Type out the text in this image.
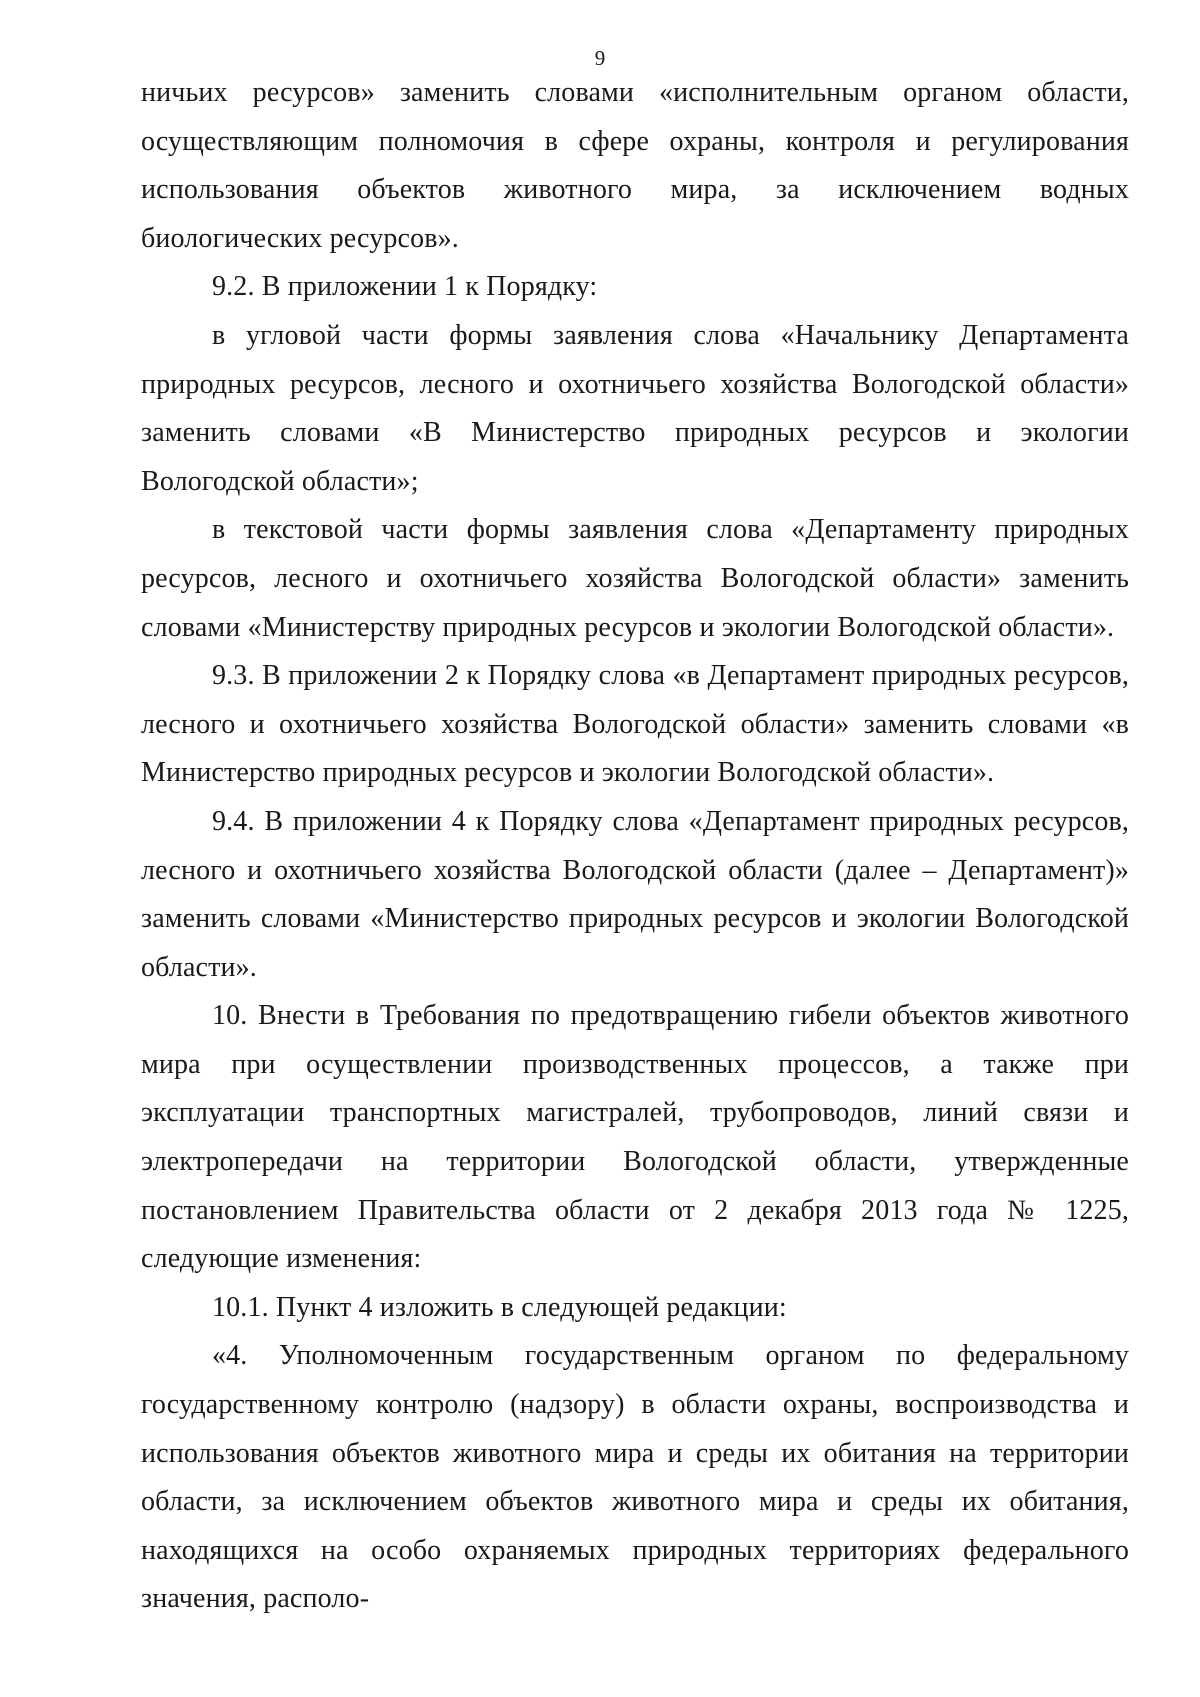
9

ничьих ресурсов» заменить словами «исполнительным органом области, осуществляющим полномочия в сфере охраны, контроля и регулирования использования объектов животного мира, за исключением водных биологических ресурсов».

9.2. В приложении 1 к Порядку:

в угловой части формы заявления слова «Начальнику Департамента природных ресурсов, лесного и охотничьего хозяйства Вологодской области» заменить словами «В Министерство природных ресурсов и экологии Вологодской области»;

в текстовой части формы заявления слова «Департаменту природных ресурсов, лесного и охотничьего хозяйства Вологодской области» заменить словами «Министерству природных ресурсов и экологии Вологодской области».

9.3. В приложении 2 к Порядку слова «в Департамент природных ресурсов, лесного и охотничьего хозяйства Вологодской области» заменить словами «в Министерство природных ресурсов и экологии Вологодской области».

9.4. В приложении 4 к Порядку слова «Департамент природных ресурсов, лесного и охотничьего хозяйства Вологодской области (далее – Департамент)» заменить словами «Министерство природных ресурсов и экологии Вологодской области».

10. Внести в Требования по предотвращению гибели объектов животного мира при осуществлении производственных процессов, а также при эксплуатации транспортных магистралей, трубопроводов, линий связи и электропередачи на территории Вологодской области, утвержденные постановлением Правительства области от 2 декабря 2013 года № 1225, следующие изменения:

10.1. Пункт 4 изложить в следующей редакции:

«4. Уполномоченным государственным органом по федеральному государственному контролю (надзору) в области охраны, воспроизводства и использования объектов животного мира и среды их обитания на территории области, за исключением объектов животного мира и среды их обитания, находящихся на особо охраняемых природных территориях федерального значения, располо-
